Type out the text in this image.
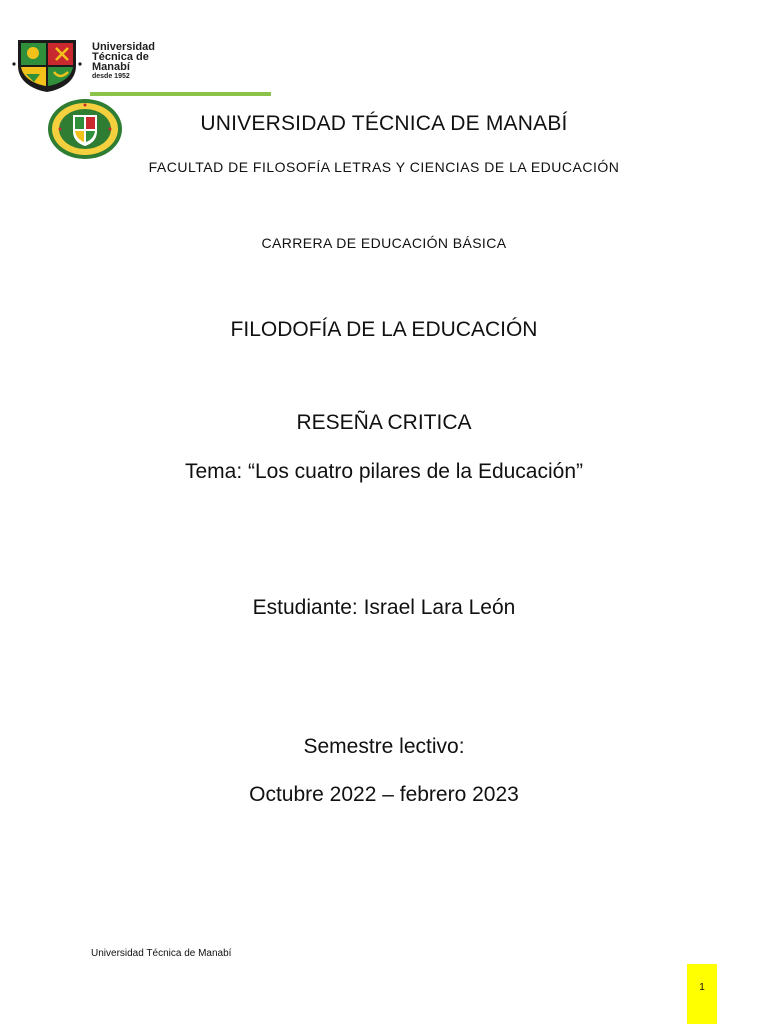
Universidad
Técnica de
Manabí
desde 1952
UNIVERSIDAD TÉCNICA DE MANABÍ
FACULTAD DE FILOSOFÍA LETRAS Y CIENCIAS DE LA EDUCACIÓN
CARRERA DE EDUCACIÓN BÁSICA
FILODOFÍA DE LA EDUCACIÓN
RESEÑA CRITICA
Tema: “Los cuatro pilares de la Educación”
Estudiante: Israel Lara León
Semestre lectivo:
Octubre 2022 – febrero 2023
Universidad Técnica de Manabí
1
